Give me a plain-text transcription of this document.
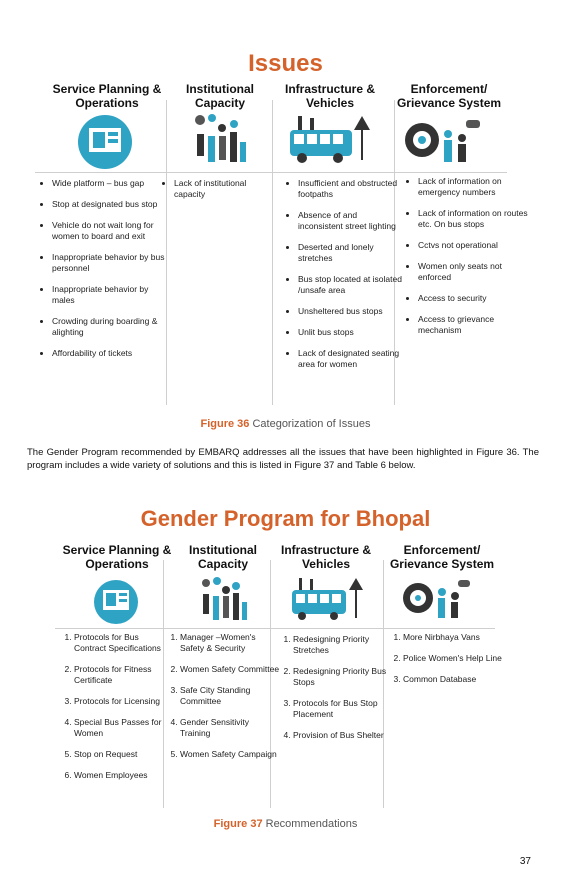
Issues
Service Planning & Operations
Institutional Capacity
Infrastructure & Vehicles
Enforcement/ Grievance System
• Wide platform – bus gap
• Stop at designated bus stop
• Vehicle do not wait long for women to board and exit
• Inappropriate behavior by bus personnel
• Inappropriate behavior by males
• Crowding during boarding & alighting
• Affordability of tickets
• Lack of institutional capacity
• Insufficient and obstructed footpaths
• Absence of and inconsistent street lighting
• Deserted and lonely stretches
• Bus stop located at isolated /unsafe area
• Unsheltered bus stops
• Unlit bus stops
• Lack of designated seating area for women
• Lack of information on emergency numbers
• Lack of information on routes etc. On bus stops
• Cctvs not operational
• Women only seats not enforced
• Access to security
• Access to grievance mechanism
Figure 36 Categorization of Issues
The Gender Program recommended by EMBARQ addresses all the issues that have been highlighted in Figure 36. The program includes a wide variety of solutions and this is listed in Figure 37 and Table 6 below.
Gender Program for Bhopal
Service Planning & Operations
Institutional Capacity
Infrastructure & Vehicles
Enforcement/ Grievance System
1. Protocols for Bus Contract Specifications
2. Protocols for Fitness Certificate
3. Protocols for Licensing
4. Special Bus Passes for Women
5. Stop on Request
6. Women Employees
1. Manager –Women's Safety & Security
2. Women Safety Committee
3. Safe City Standing Committee
4. Gender Sensitivity Training
5. Women Safety Campaign
1. Redesigning Priority Stretches
2. Redesigning Priority Bus Stops
3. Protocols for Bus Stop Placement
4. Provision of Bus Shelter
1. More Nirbhaya Vans
2. Police Women's Help Line
3. Common Database
Figure 37 Recommendations
37
